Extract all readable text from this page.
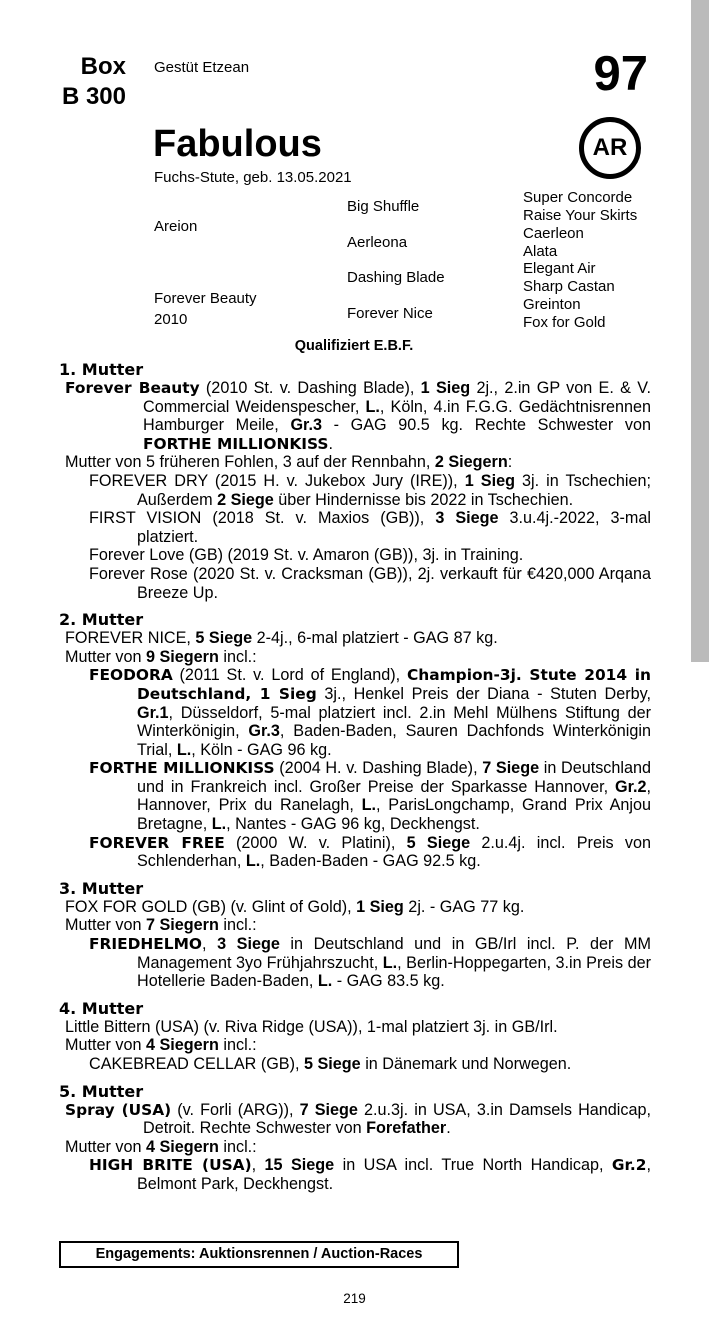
Box
B 300
Gestüt Etzean	97
Fabulous	AR
Fuchs-Stute, geb. 13.05.2021
Areion
Forever Beauty
2010
Big Shuffle
Aerleona
Dashing Blade
Forever Nice
Super Concorde
Raise Your Skirts
Caerleon
Alata
Elegant Air
Sharp Castan
Greinton
Fox for Gold
Qualifiziert E.B.F.
1. Mutter
Forever Beauty (2010 St. v. Dashing Blade), 1 Sieg 2j., 2.in GP von E. & V. Commercial Weidenspescher, L., Köln, 4.in F.G.G. Gedächtnisrennen Hamburger Meile, Gr.3 - GAG 90.5 kg. Rechte Schwester von FORTHE MILLIONKISS.
Mutter von 5 früheren Fohlen, 3 auf der Rennbahn, 2 Siegern:
FOREVER DRY (2015 H. v. Jukebox Jury (IRE)), 1 Sieg 3j. in Tschechien; Außerdem 2 Siege über Hindernisse bis 2022 in Tschechien.
FIRST VISION (2018 St. v. Maxios (GB)), 3 Siege 3.u.4j.-2022, 3-mal platziert.
Forever Love (GB) (2019 St. v. Amaron (GB)), 3j. in Training.
Forever Rose (2020 St. v. Cracksman (GB)), 2j. verkauft für €420,000 Arqana Breeze Up.
2. Mutter
FOREVER NICE, 5 Siege 2-4j., 6-mal platziert - GAG 87 kg.
Mutter von 9 Siegern incl.:
FEODORA (2011 St. v. Lord of England), Champion-3j. Stute 2014 in Deutschland, 1 Sieg 3j., Henkel Preis der Diana - Stuten Derby, Gr.1, Düsseldorf, 5-mal platziert incl. 2.in Mehl Mülhens Stiftung der Winterkönigin, Gr.3, Baden-Baden, Sauren Dachfonds Winterkönigin Trial, L., Köln - GAG 96 kg.
FORTHE MILLIONKISS (2004 H. v. Dashing Blade), 7 Siege in Deutschland und in Frankreich incl. Großer Preise der Sparkasse Hannover, Gr.2, Hannover, Prix du Ranelagh, L., ParisLongchamp, Grand Prix Anjou Bretagne, L., Nantes - GAG 96 kg, Deckhengst.
FOREVER FREE (2000 W. v. Platini), 5 Siege 2.u.4j. incl. Preis von Schlenderhan, L., Baden-Baden - GAG 92.5 kg.
3. Mutter
FOX FOR GOLD (GB) (v. Glint of Gold), 1 Sieg 2j. - GAG 77 kg.
Mutter von 7 Siegern incl.:
FRIEDHELMO, 3 Siege in Deutschland und in GB/Irl incl. P. der MM Management 3yo Frühjahrszucht, L., Berlin-Hoppegarten, 3.in Preis der Hotellerie Baden-Baden, L. - GAG 83.5 kg.
4. Mutter
Little Bittern (USA) (v. Riva Ridge (USA)), 1-mal platziert 3j. in GB/Irl.
Mutter von 4 Siegern incl.:
CAKEBREAD CELLAR (GB), 5 Siege in Dänemark und Norwegen.
5. Mutter
Spray (USA) (v. Forli (ARG)), 7 Siege 2.u.3j. in USA, 3.in Damsels Handicap, Detroit. Rechte Schwester von Forefather.
Mutter von 4 Siegern incl.:
HIGH BRITE (USA), 15 Siege in USA incl. True North Handicap, Gr.2, Belmont Park, Deckhengst.
Engagements: Auktionsrennen / Auction-Races
219
